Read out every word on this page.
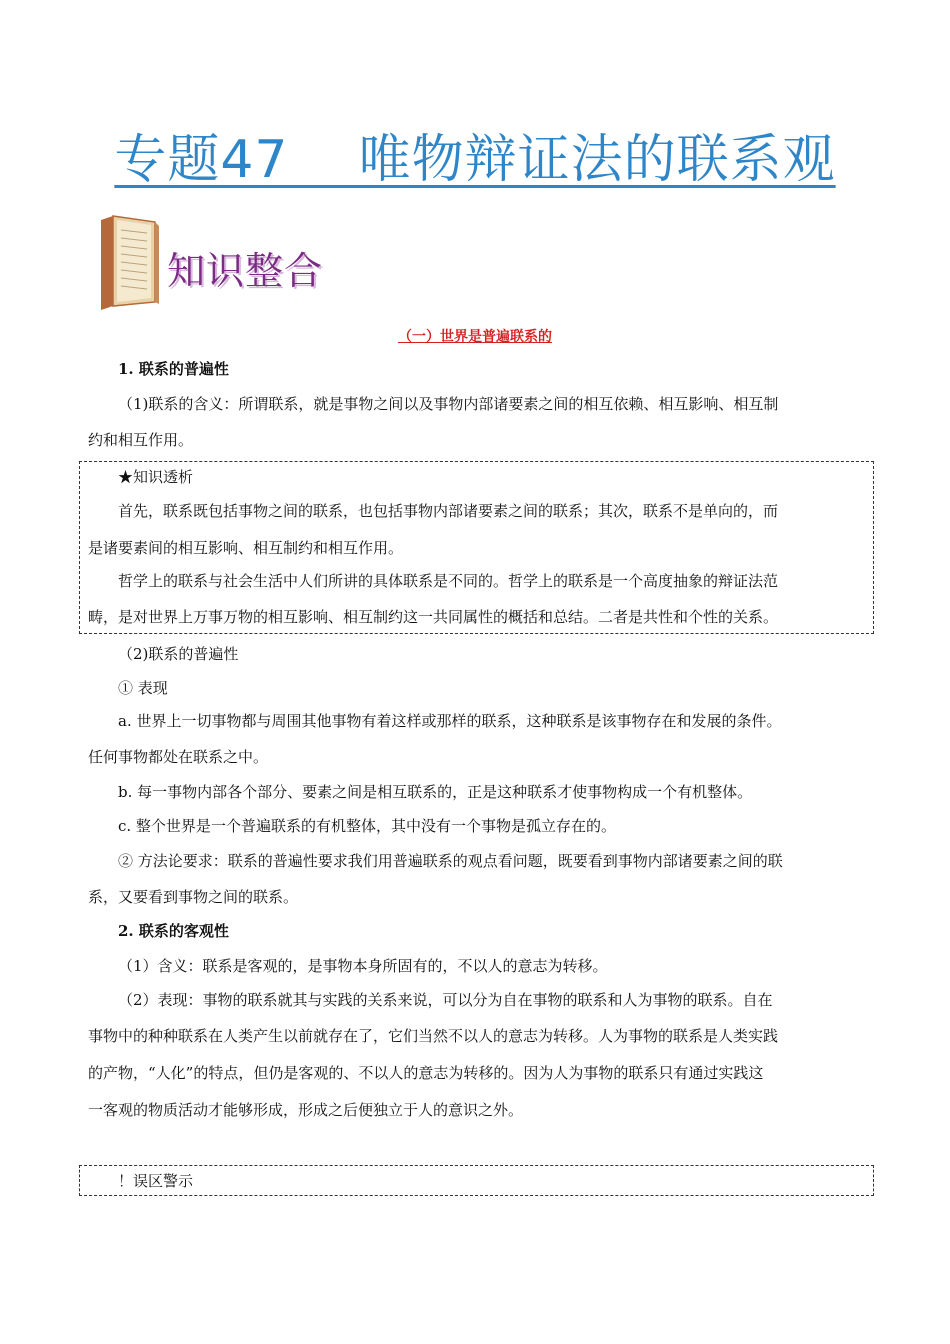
专题47    唯物辩证法的联系观
知识整合
（一）世界是普遍联系的
1. 联系的普遍性
（1)联系的含义：所谓联系，就是事物之间以及事物内部诸要素之间的相互依赖、相互影响、相互制
约和相互作用。
★知识透析
首先，联系既包括事物之间的联系，也包括事物内部诸要素之间的联系；其次，联系不是单向的，而
是诸要素间的相互影响、相互制约和相互作用。
哲学上的联系与社会生活中人们所讲的具体联系是不同的。哲学上的联系是一个高度抽象的辩证法范
畴，是对世界上万事万物的相互影响、相互制约这一共同属性的概括和总结。二者是共性和个性的关系。
（2)联系的普遍性
① 表现
a. 世界上一切事物都与周围其他事物有着这样或那样的联系，这种联系是该事物存在和发展的条件。
任何事物都处在联系之中。
b. 每一事物内部各个部分、要素之间是相互联系的，正是这种联系才使事物构成一个有机整体。
c. 整个世界是一个普遍联系的有机整体，其中没有一个事物是孤立存在的。
② 方法论要求：联系的普遍性要求我们用普遍联系的观点看问题，既要看到事物内部诸要素之间的联
系，又要看到事物之间的联系。
2. 联系的客观性
（1）含义：联系是客观的，是事物本身所固有的，不以人的意志为转移。
（2）表现：事物的联系就其与实践的关系来说，可以分为自在事物的联系和人为事物的联系。自在
事物中的种种联系在人类产生以前就存在了，它们当然不以人的意志为转移。人为事物的联系是人类实践
的产物，“人化”的特点，但仍是客观的、不以人的意志为转移的。因为人为事物的联系只有通过实践这
一客观的物质活动才能够形成，形成之后便独立于人的意识之外。
！误区警示
